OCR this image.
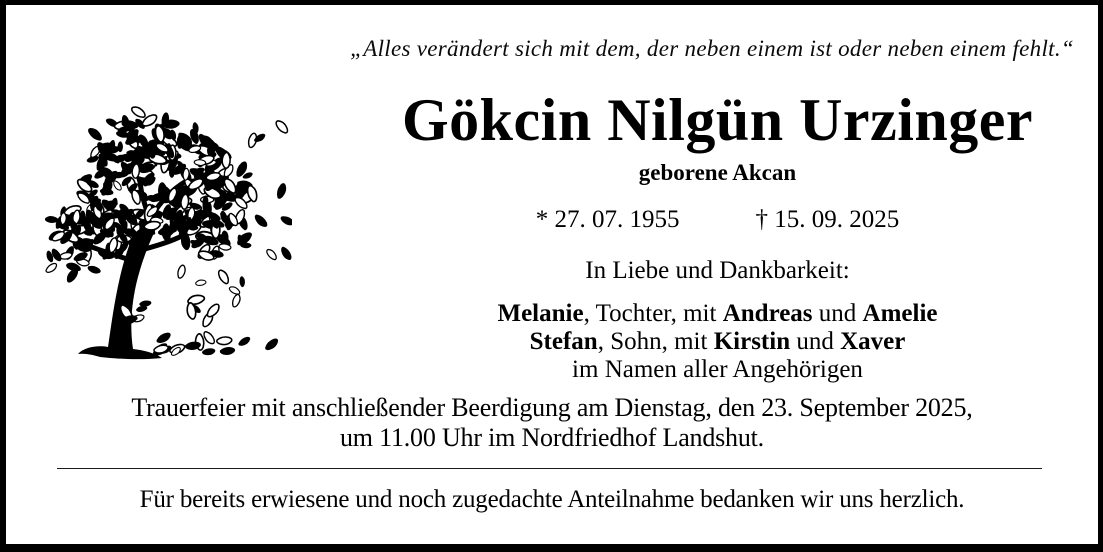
„Alles verändert sich mit dem, der neben einem ist oder neben einem fehlt.“
Gökcin Nilgün Urzinger
geborene Akcan
* 27. 07. 1955	† 15. 09. 2025
In Liebe und Dankbarkeit:
Melanie, Tochter, mit Andreas und Amelie
Stefan, Sohn, mit Kirstin und Xaver
im Namen aller Angehörigen
Trauerfeier mit anschließender Beerdigung am Dienstag, den 23. September 2025,
um 11.00 Uhr im Nordfriedhof Landshut.
Für bereits erwiesene und noch zugedachte Anteilnahme bedanken wir uns herzlich.
